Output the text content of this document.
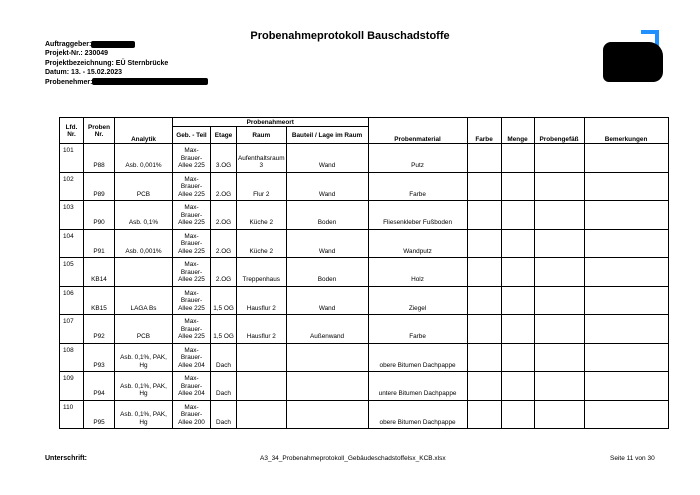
Probenahmeprotokoll Bauschadstoffe
Auftraggeber:
Projekt-Nr.: 230049
Projektbezeichnung: EÜ Sternbrücke
Datum: 13. - 15.02.2023
Probenehmer:
Lfd. Nr.	Proben Nr.	Analytik	Probenahmeort				Probenmaterial	Farbe	Menge	Probengefäß	Bemerkungen
			Geb. - Teil	Etage	Raum	Bauteil / Lage im Raum					
101	P88	Asb. 0,001%	Max-Brauer-Allee 225	3.OG	Aufenthaltsraum 3	Wand	Putz				
102	P89	PCB	Max-Brauer-Allee 225	2.OG	Flur 2	Wand	Farbe				
103	P90	Asb. 0,1%	Max-Brauer-Allee 225	2.OG	Küche 2	Boden	Fliesenkleber Fußboden				
104	P91	Asb. 0,001%	Max-Brauer-Allee 225	2.OG	Küche 2	Wand	Wandputz				
105	KB14		Max-Brauer-Allee 225	2.OG	Treppenhaus	Boden	Holz				
106	KB15	LAGA Bs	Max-Brauer-Allee 225	1,5 OG	Hausflur 2	Wand	Ziegel				
107	P92	PCB	Max-Brauer-Allee 225	1,5 OG	Hausflur 2	Außenwand	Farbe				
108	P93	Asb. 0,1%, PAK, Hg	Max-Brauer-Allee 204	Dach			obere Bitumen Dachpappe				
109	P94	Asb. 0,1%, PAK, Hg	Max-Brauer-Allee 204	Dach			untere Bitumen Dachpappe				
110	P95	Asb. 0,1%, PAK, Hg	Max-Brauer-Allee 200	Dach			obere Bitumen Dachpappe				
Unterschrift:	A3_34_Probenahmeprotokoll_Gebäudeschadstoffelsx_KCB.xlsx	Seite 11 von 30
